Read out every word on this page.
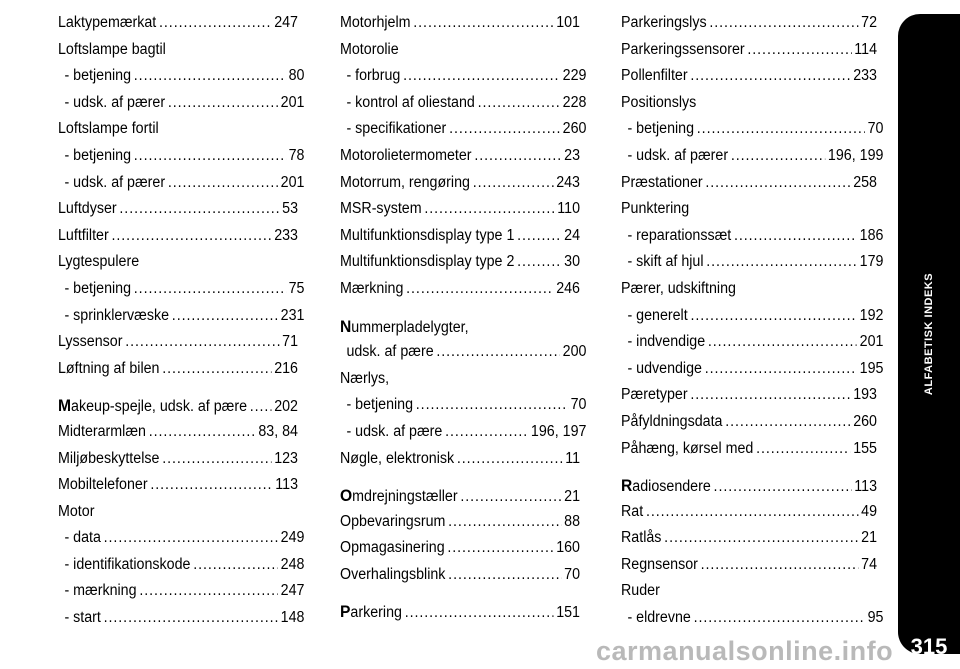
Laktypemærkat .....	247
Loftslampe bagtil
- betjening .....	80
- udsk. af pærer .....	201
Loftslampe fortil
- betjening .....	78
- udsk. af pærer .....	201
Luftdyser .....	53
Luftfilter .....	233
Lygtespulere
- betjening .....	75
- sprinklervæske .....	231
Lyssensor .....	71
Løftning af bilen .....	216
Makeup-spejle, udsk. af pære ..... 202
Midterarmlæn .....	83, 84
Miljøbeskyttelse .....	123
Mobiltelefoner .....	113
Motor
- data .....	249
- identifikationskode .....	248
- mærkning .....	247
- start .....	148
Motorhjelm .....	101
Motorolie
- forbrug .....	229
- kontrol af oliestand .....	228
- specifikationer .....	260
Motorolietermometer .....	23
Motorrum, rengøring .....	243
MSR-system .....	110
Multifunktionsdisplay type 1 .....	24
Multifunktionsdisplay type 2 .....	30
Mærkning .....	246
Nummerpladelygter,
udsk. af pære .....	200
Nærlys,
- betjening .....	70
- udsk. af pære .....	196, 197
Nøgle, elektronisk .....	11
Omdrejningstæller .....	21
Opbevaringsrum .....	88
Opmagasinering .....	160
Overhalingsblink .....	70
Parkering .....	151
Parkeringslys .....	72
Parkeringssensorer .....	114
Pollenfilter .....	233
Positionslys
- betjening .....	70
- udsk. af pærer .....	196, 199
Præstationer .....	258
Punktering
- reparationssæt .....	186
- skift af hjul .....	179
Pærer, udskiftning
- generelt .....	192
- indvendige .....	201
- udvendige .....	195
Pæretyper .....	193
Påfyldningsdata .....	260
Påhæng, kørsel med .....	155
Radiosendere .....	113
Rat .....	49
Ratlås .....	21
Regnsensor .....	74
Ruder
- eldrevne .....	95
ALFABETISK INDEKS
315
carmanualsonline.info
